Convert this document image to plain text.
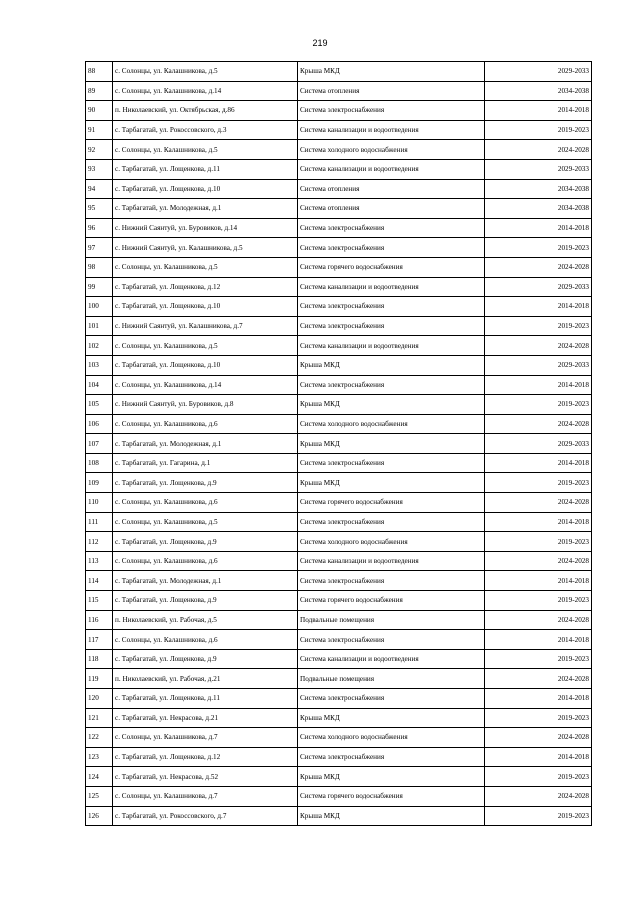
219
88	с. Солонцы, ул. Калашникова, д.5	Крыша МКД	2029-2033
89	с. Солонцы, ул. Калашникова, д.14	Система отопления	2034-2038
90	п. Николаевский, ул. Октябрьская, д.86	Система электроснабжения	2014-2018
91	с. Тарбагатай, ул. Рокоссовского, д.3	Система канализации и водоотведения	2019-2023
92	с. Солонцы, ул. Калашникова, д.5	Система холодного водоснабжения	2024-2028
93	с. Тарбагатай, ул. Лощенкова, д.11	Система канализации и водоотведения	2029-2033
94	с. Тарбагатай, ул. Лощенкова, д.10	Система отопления	2034-2038
95	с. Тарбагатай, ул. Молодежная, д.1	Система отопления	2034-2038
96	с. Нижний Саянтуй, ул. Буровиков, д.14	Система электроснабжения	2014-2018
97	с. Нижний Саянтуй, ул. Калашникова, д.5	Система электроснабжения	2019-2023
98	с. Солонцы, ул. Калашникова, д.5	Система горячего водоснабжения	2024-2028
99	с. Тарбагатай, ул. Лощенкова, д.12	Система канализации и водоотведения	2029-2033
100	с. Тарбагатай, ул. Лощенкова, д.10	Система электроснабжения	2014-2018
101	с. Нижний Саянтуй, ул. Калашникова, д.7	Система электроснабжения	2019-2023
102	с. Солонцы, ул. Калашникова, д.5	Система канализации и водоотведения	2024-2028
103	с. Тарбагатай, ул. Лощенкова, д.10	Крыша МКД	2029-2033
104	с. Солонцы, ул. Калашникова, д.14	Система электроснабжения	2014-2018
105	с. Нижний Саянтуй, ул. Буровиков, д.8	Крыша МКД	2019-2023
106	с. Солонцы, ул. Калашникова, д.6	Система холодного водоснабжения	2024-2028
107	с. Тарбагатай, ул. Молодежная, д.1	Крыша МКД	2029-2033
108	с. Тарбагатай, ул. Гагарина, д.1	Система электроснабжения	2014-2018
109	с. Тарбагатай, ул. Лощенкова, д.9	Крыша МКД	2019-2023
110	с. Солонцы, ул. Калашникова, д.6	Система горячего водоснабжения	2024-2028
111	с. Солонцы, ул. Калашникова, д.5	Система электроснабжения	2014-2018
112	с. Тарбагатай, ул. Лощенкова, д.9	Система холодного водоснабжения	2019-2023
113	с. Солонцы, ул. Калашникова, д.6	Система канализации и водоотведения	2024-2028
114	с. Тарбагатай, ул. Молодежная, д.1	Система электроснабжения	2014-2018
115	с. Тарбагатай, ул. Лощенкова, д.9	Система горячего водоснабжения	2019-2023
116	п. Николаевский, ул. Рабочая, д.5	Подвальные помещения	2024-2028
117	с. Солонцы, ул. Калашникова, д.6	Система электроснабжения	2014-2018
118	с. Тарбагатай, ул. Лощенкова, д.9	Система канализации и водоотведения	2019-2023
119	п. Николаевский, ул. Рабочая, д.21	Подвальные помещения	2024-2028
120	с. Тарбагатай, ул. Лощенкова, д.11	Система электроснабжения	2014-2018
121	с. Тарбагатай, ул. Некрасова, д.21	Крыша МКД	2019-2023
122	с. Солонцы, ул. Калашникова, д.7	Система холодного водоснабжения	2024-2028
123	с. Тарбагатай, ул. Лощенкова, д.12	Система электроснабжения	2014-2018
124	с. Тарбагатай, ул. Некрасова, д.52	Крыша МКД	2019-2023
125	с. Солонцы, ул. Калашникова, д.7	Система горячего водоснабжения	2024-2028
126	с. Тарбагатай, ул. Рокоссовского, д.7	Крыша МКД	2019-2023
